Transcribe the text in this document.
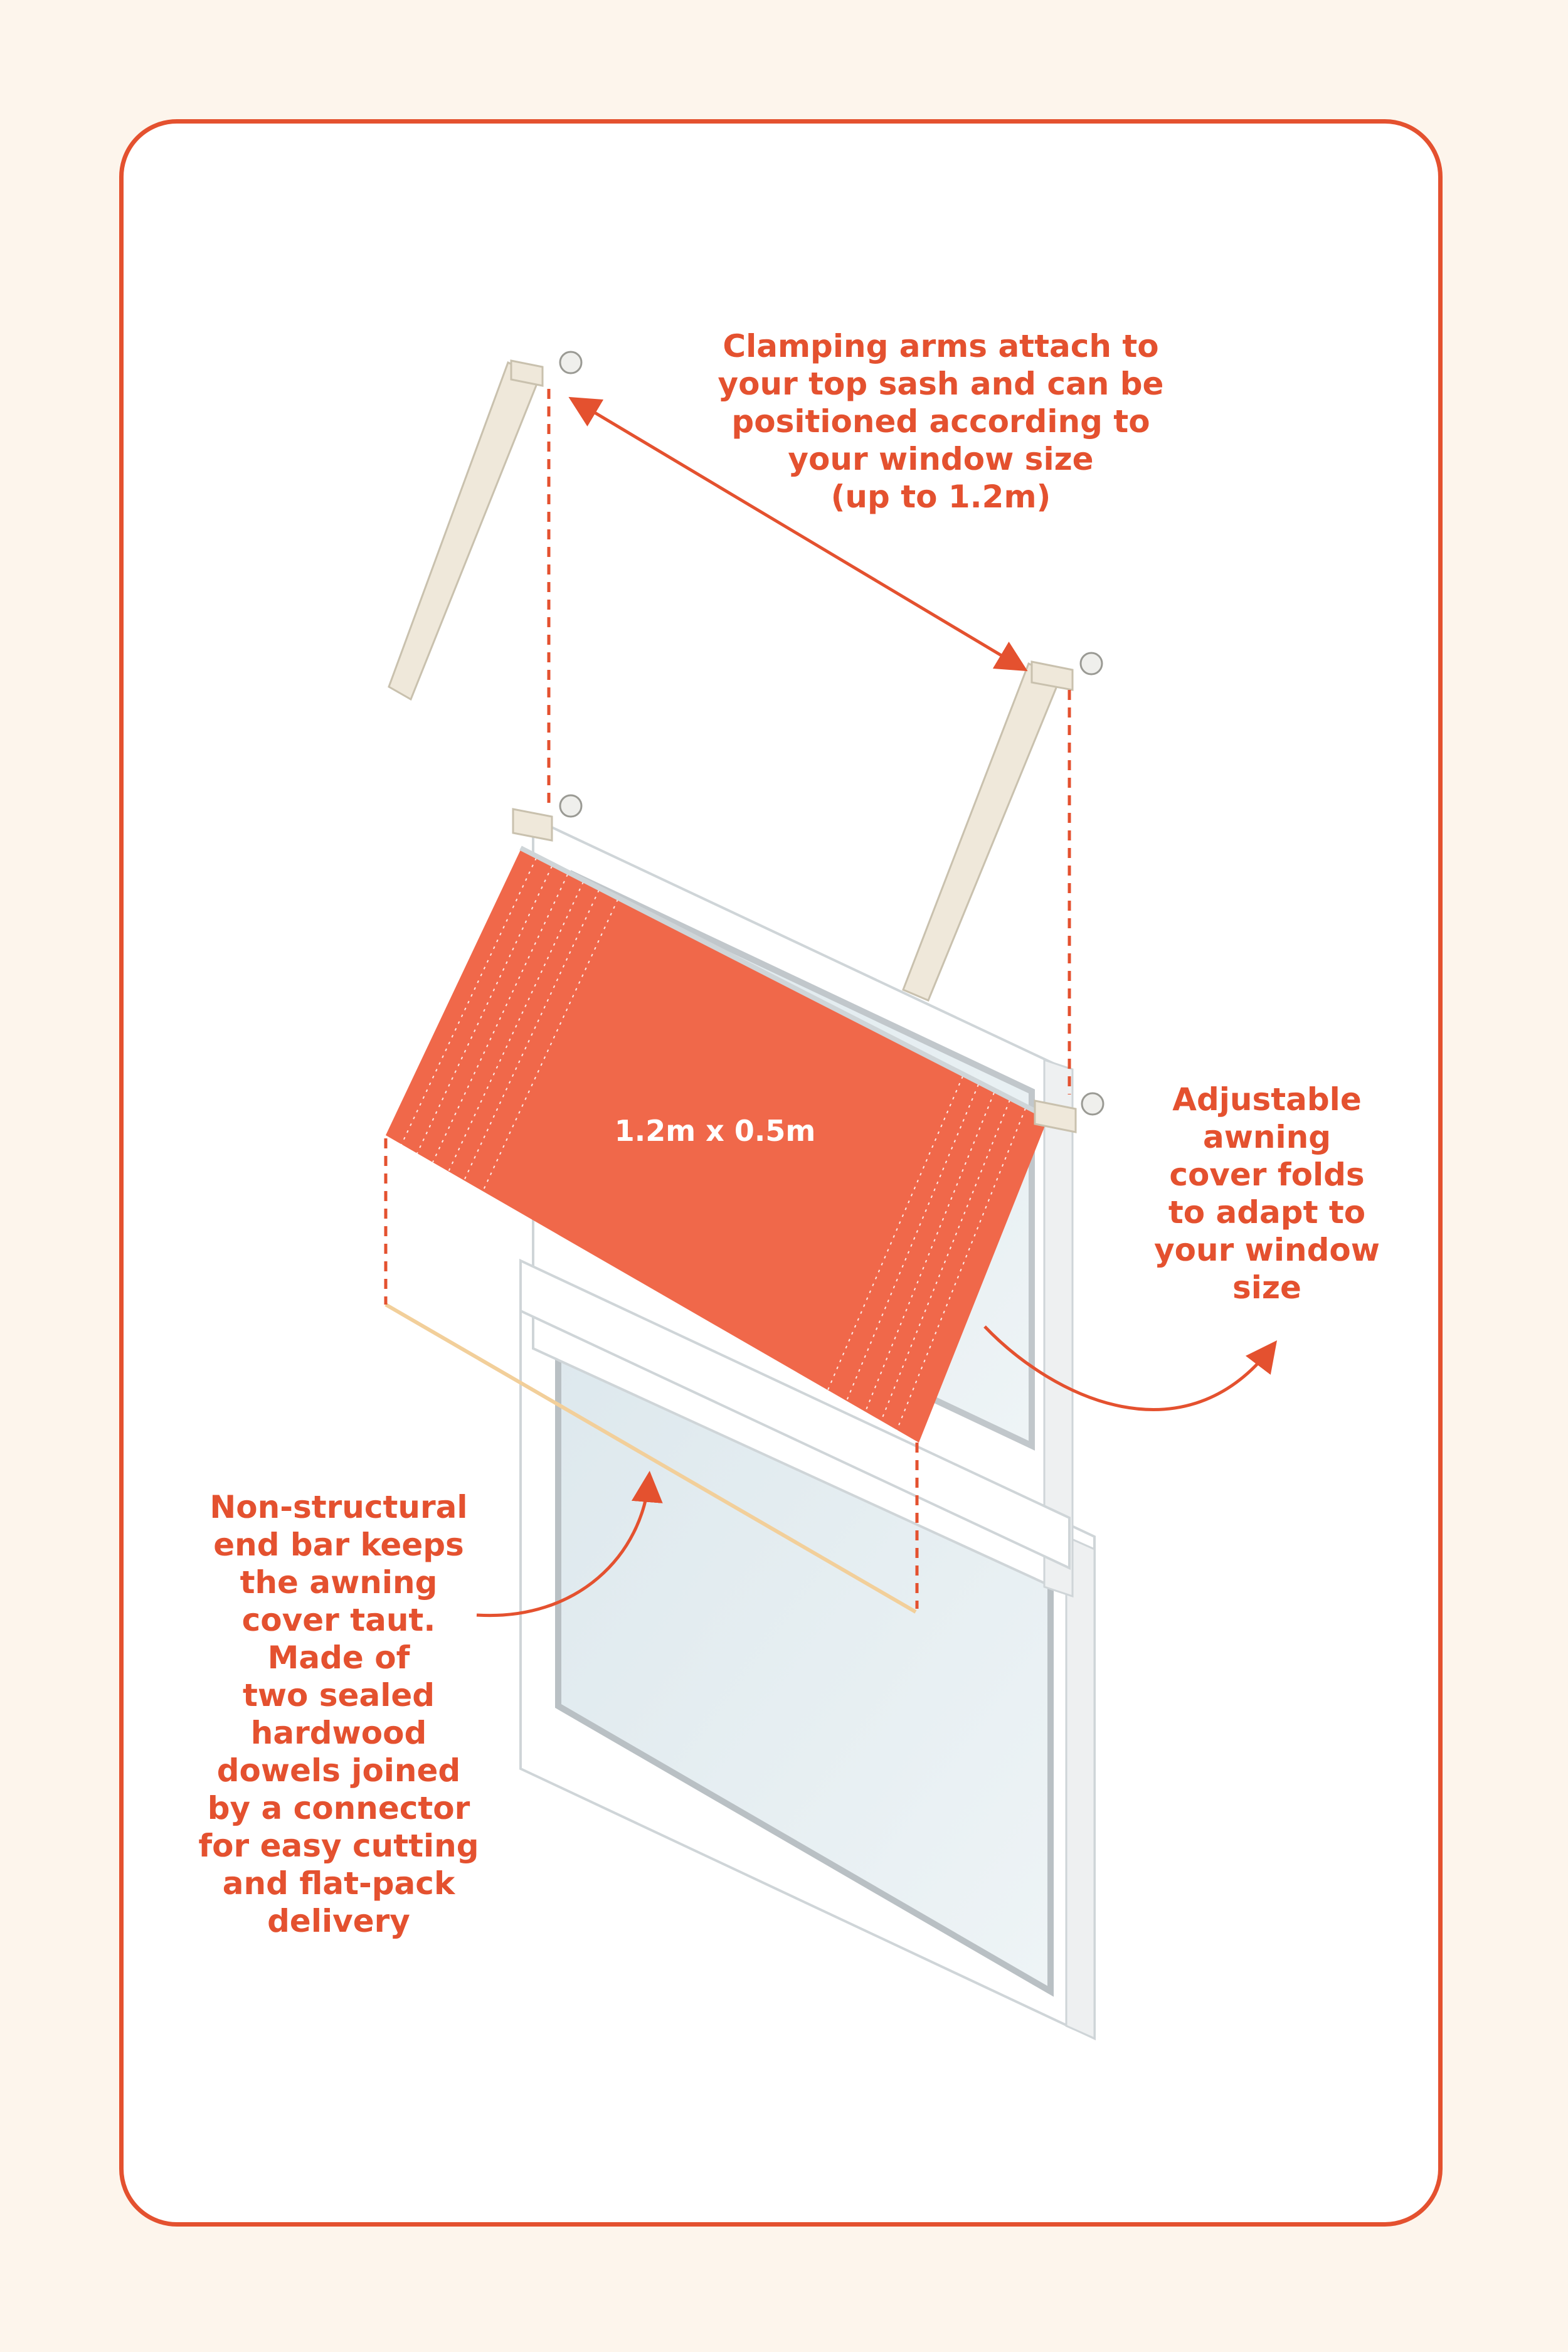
Clamping arms attach to
your top sash and can be
positioned according to
your window size
(up to 1.2m)

Adjustable
awning
cover folds
to adapt to
your window
size

Non-structural
end bar keeps
the awning
cover taut.
Made of
two sealed
hardwood
dowels joined
by a connector
for easy cutting
and flat-pack
delivery

1.2m x 0.5m
